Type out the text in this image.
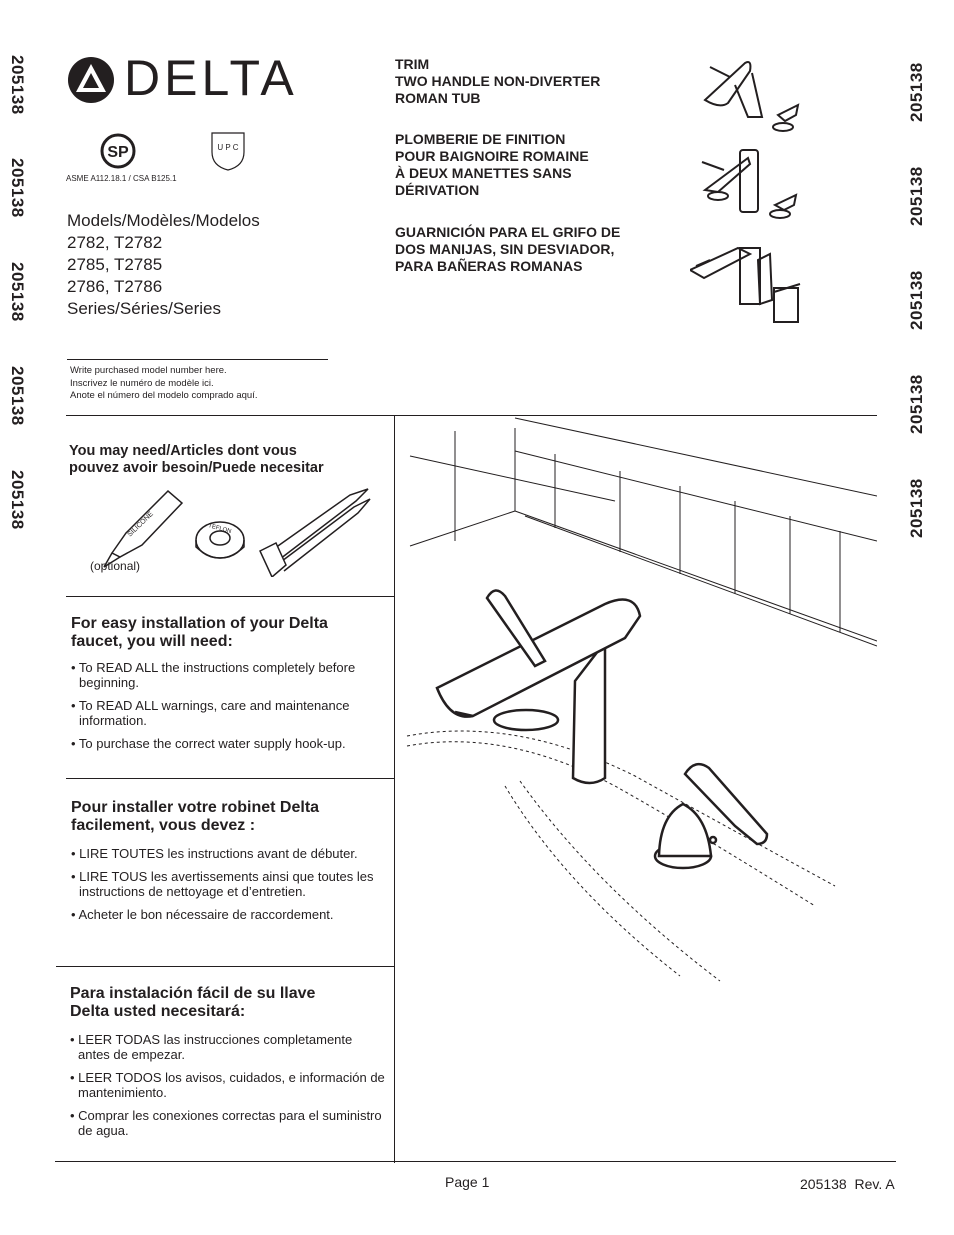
205138
205138
205138
205138
205138
205138
205138
205138
205138
205138
DELTA
SP	U P C
ASME A112.18.1 / CSA B125.1
Models/Modèles/Modelos
2782, T2782
2785, T2785
2786, T2786
Series/Séries/Series
TRIM
TWO HANDLE NON-DIVERTER
ROMAN TUB
PLOMBERIE DE FINITION
POUR BAIGNOIRE ROMAINE
À DEUX MANETTES SANS
DÉRIVATION
GUARNICIÓN PARA EL GRIFO DE
DOS MANIJAS, SIN DESVIADOR,
PARA BAÑERAS ROMANAS
Write purchased model number here.
Inscrivez le numéro de modèle ici.
Anote el número del modelo comprado aquí.
You may need/Articles dont vous
pouvez avoir besoin/Puede necesitar
SILICONE	TEFLON
(optional)
For easy installation of your Delta
faucet, you will need:
• To READ ALL the instructions completely before beginning.
• To READ ALL warnings, care and maintenance information.
• To purchase the correct water supply hook-up.
Pour installer votre robinet Delta
facilement, vous devez :
• LIRE TOUTES les instructions avant de débuter.
• LIRE TOUS les avertissements ainsi que toutes les instructions de nettoyage et d’entretien.
• Acheter le bon nécessaire de raccordement.
Para instalación fácil de su llave
Delta usted necesitará:
• LEER TODAS las instrucciones completamente antes de empezar.
• LEER TODOS los avisos, cuidados, e información de mantenimiento.
• Comprar les conexiones correctas para el suministro de agua.
Page 1	205138  Rev. A
